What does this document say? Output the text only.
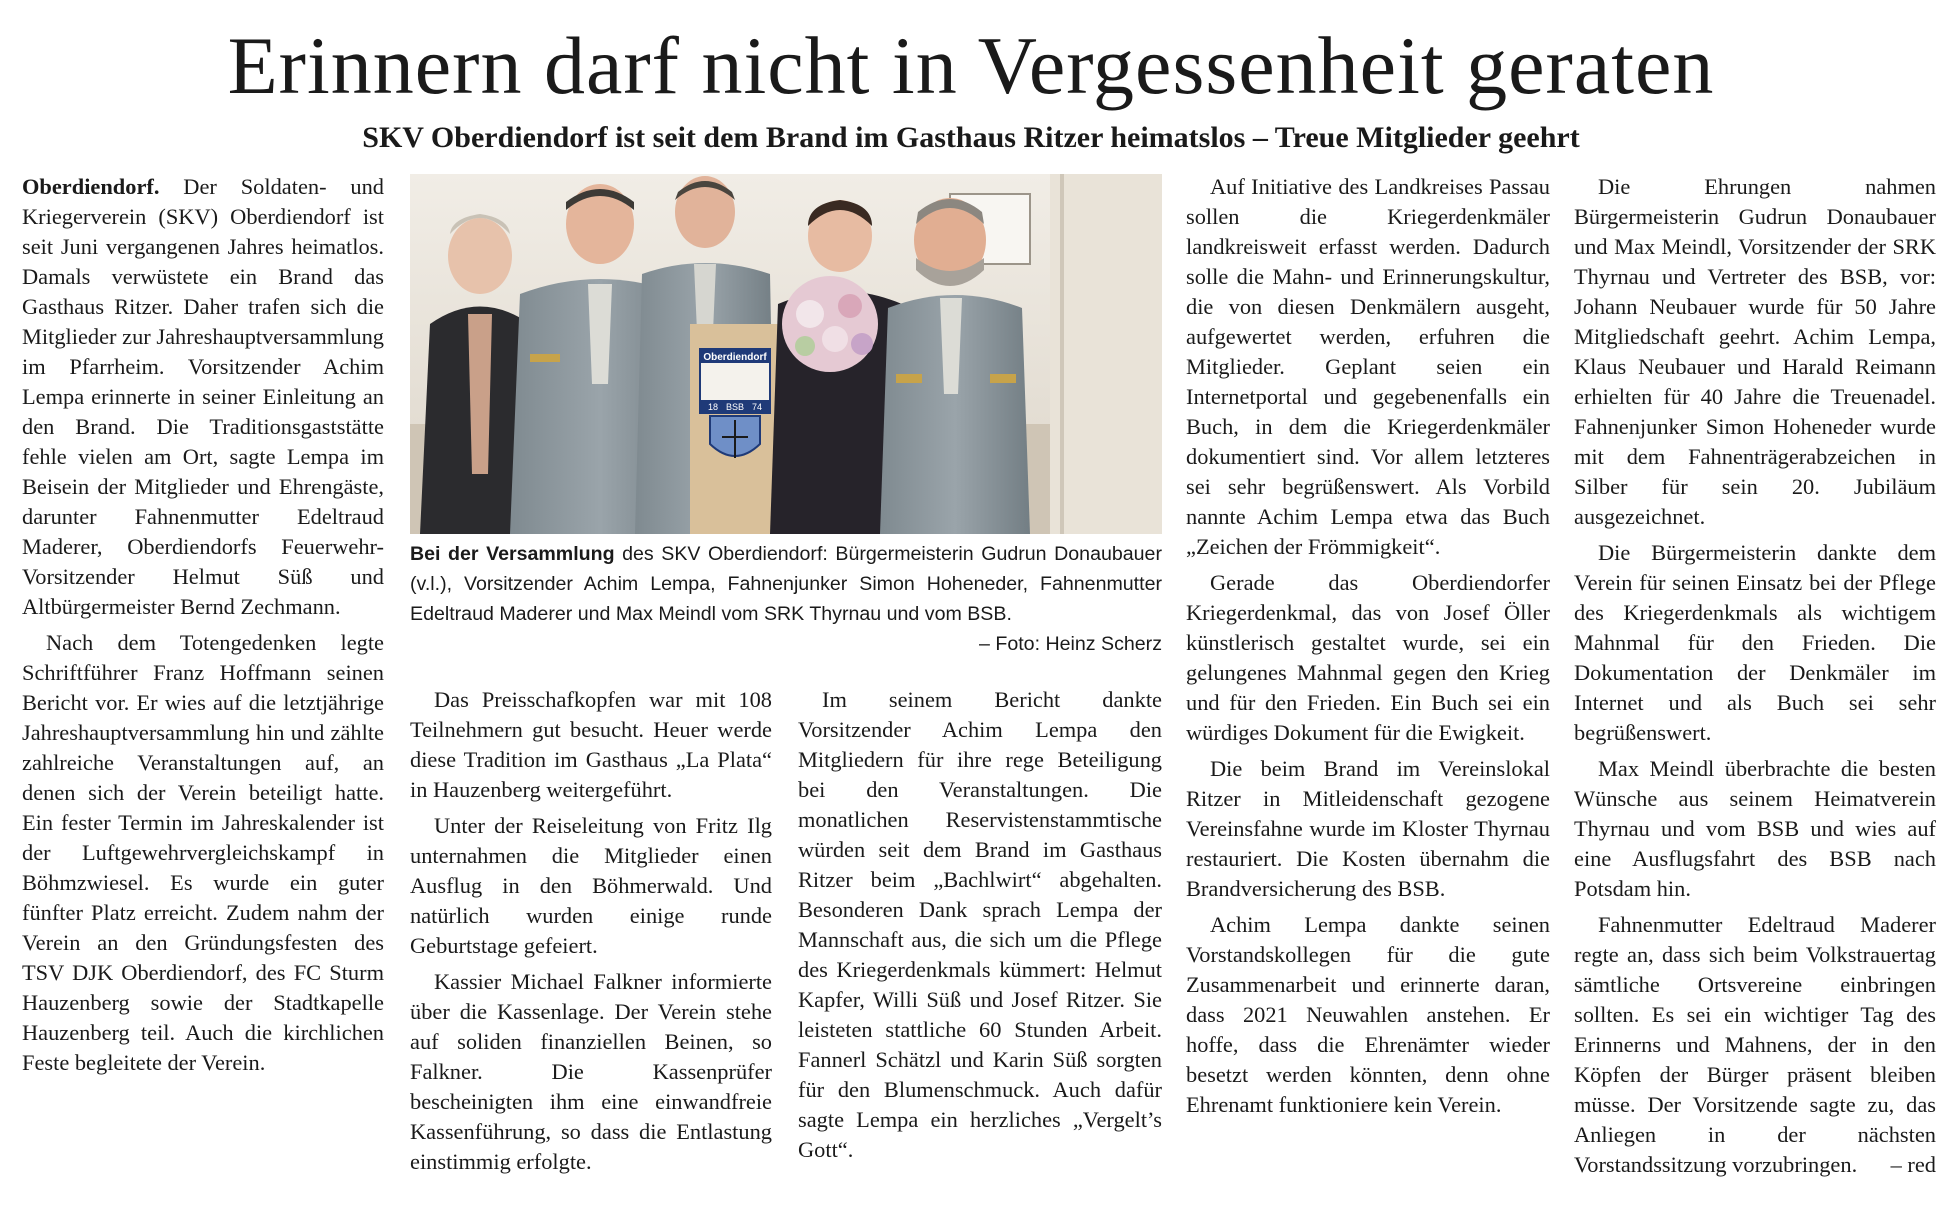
Erinnern darf nicht in Vergessenheit geraten
SKV Oberdiendorf ist seit dem Brand im Gasthaus Ritzer heimatslos – Treue Mitglieder geehrt

Oberdiendorf. Der Soldaten- und Kriegerverein (SKV) Oberdiendorf ist seit Juni vergangenen Jahres heimatlos. Damals verwüstete ein Brand das Gasthaus Ritzer. Daher trafen sich die Mitglieder zur Jahreshauptversammlung im Pfarrheim. Vorsitzender Achim Lempa erinnerte in seiner Einleitung an den Brand. Die Traditionsgaststätte fehle vielen am Ort, sagte Lempa im Beisein der Mitglieder und Ehrengäste, darunter Fahnenmutter Edeltraud Maderer, Oberdiendorfs Feuerwehr-Vorsitzender Helmut Süß und Altbürgermeister Bernd Zechmann.

Nach dem Totengedenken legte Schriftführer Franz Hoffmann seinen Bericht vor. Er wies auf die letztjährige Jahreshauptversammlung hin und zählte zahlreiche Veranstaltungen auf, an denen sich der Verein beteiligt hatte. Ein fester Termin im Jahreskalender ist der Luftgewehrvergleichskampf in Böhmzwiesel. Es wurde ein guter fünfter Platz erreicht. Zudem nahm der Verein an den Gründungsfesten des TSV DJK Oberdiendorf, des FC Sturm Hauzenberg sowie der Stadtkapelle Hauzenberg teil. Auch die kirchlichen Feste begleitete der Verein.

Oberdiendorf
18 BSB 74
Bei der Versammlung des SKV Oberdiendorf: Bürgermeisterin Gudrun Donaubauer (v.l.), Vorsitzender Achim Lempa, Fahnenjunker Simon Hoheneder, Fahnenmutter Edeltraud Maderer und Max Meindl vom SRK Thyrnau und vom BSB.
– Foto: Heinz Scherz

Das Preisschafkopfen war mit 108 Teilnehmern gut besucht. Heuer werde diese Tradition im Gasthaus „La Plata“ in Hauzenberg weitergeführt.

Unter der Reiseleitung von Fritz Ilg unternahmen die Mitglieder einen Ausflug in den Böhmerwald. Und natürlich wurden einige runde Geburtstage gefeiert.

Kassier Michael Falkner informierte über die Kassenlage. Der Verein stehe auf soliden finanziellen Beinen, so Falkner. Die Kassenprüfer bescheinigten ihm eine einwandfreie Kassenführung, so dass die Entlastung einstimmig erfolgte.

Im seinem Bericht dankte Vorsitzender Achim Lempa den Mitgliedern für ihre rege Beteiligung bei den Veranstaltungen. Die monatlichen Reservistenstammtische würden seit dem Brand im Gasthaus Ritzer beim „Bachlwirt“ abgehalten. Besonderen Dank sprach Lempa der Mannschaft aus, die sich um die Pflege des Kriegerdenkmals kümmert: Helmut Kapfer, Willi Süß und Josef Ritzer. Sie leisteten stattliche 60 Stunden Arbeit. Fannerl Schätzl und Karin Süß sorgten für den Blumenschmuck. Auch dafür sagte Lempa ein herzliches „Vergelt’s Gott“.

Auf Initiative des Landkreises Passau sollen die Kriegerdenkmäler landkreisweit erfasst werden. Dadurch solle die Mahn- und Erinnerungskultur, die von diesen Denkmälern ausgeht, aufgewertet werden, erfuhren die Mitglieder. Geplant seien ein Internetportal und gegebenenfalls ein Buch, in dem die Kriegerdenkmäler dokumentiert sind. Vor allem letzteres sei sehr begrüßenswert. Als Vorbild nannte Achim Lempa etwa das Buch „Zeichen der Frömmigkeit“.

Gerade das Oberdiendorfer Kriegerdenkmal, das von Josef Öller künstlerisch gestaltet wurde, sei ein gelungenes Mahnmal gegen den Krieg und für den Frieden. Ein Buch sei ein würdiges Dokument für die Ewigkeit.

Die beim Brand im Vereinslokal Ritzer in Mitleidenschaft gezogene Vereinsfahne wurde im Kloster Thyrnau restauriert. Die Kosten übernahm die Brandversicherung des BSB.

Achim Lempa dankte seinen Vorstandskollegen für die gute Zusammenarbeit und erinnerte daran, dass 2021 Neuwahlen anstehen. Er hoffe, dass die Ehrenämter wieder besetzt werden könnten, denn ohne Ehrenamt funktioniere kein Verein.

Die Ehrungen nahmen Bürgermeisterin Gudrun Donaubauer und Max Meindl, Vorsitzender der SRK Thyrnau und Vertreter des BSB, vor: Johann Neubauer wurde für 50 Jahre Mitgliedschaft geehrt. Achim Lempa, Klaus Neubauer und Harald Reimann erhielten für 40 Jahre die Treuenadel. Fahnenjunker Simon Hoheneder wurde mit dem Fahnenträgerabzeichen in Silber für sein 20. Jubiläum ausgezeichnet.

Die Bürgermeisterin dankte dem Verein für seinen Einsatz bei der Pflege des Kriegerdenkmals als wichtigem Mahnmal für den Frieden. Die Dokumentation der Denkmäler im Internet und als Buch sei sehr begrüßenswert.

Max Meindl überbrachte die besten Wünsche aus seinem Heimatverein Thyrnau und vom BSB und wies auf eine Ausflugsfahrt des BSB nach Potsdam hin.

Fahnenmutter Edeltraud Maderer regte an, dass sich beim Volkstrauertag sämtliche Ortsvereine einbringen sollten. Es sei ein wichtiger Tag des Erinnerns und Mahnens, der in den Köpfen der Bürger präsent bleiben müsse. Der Vorsitzende sagte zu, das Anliegen in der nächsten Vorstandssitzung vorzubringen.	– red
